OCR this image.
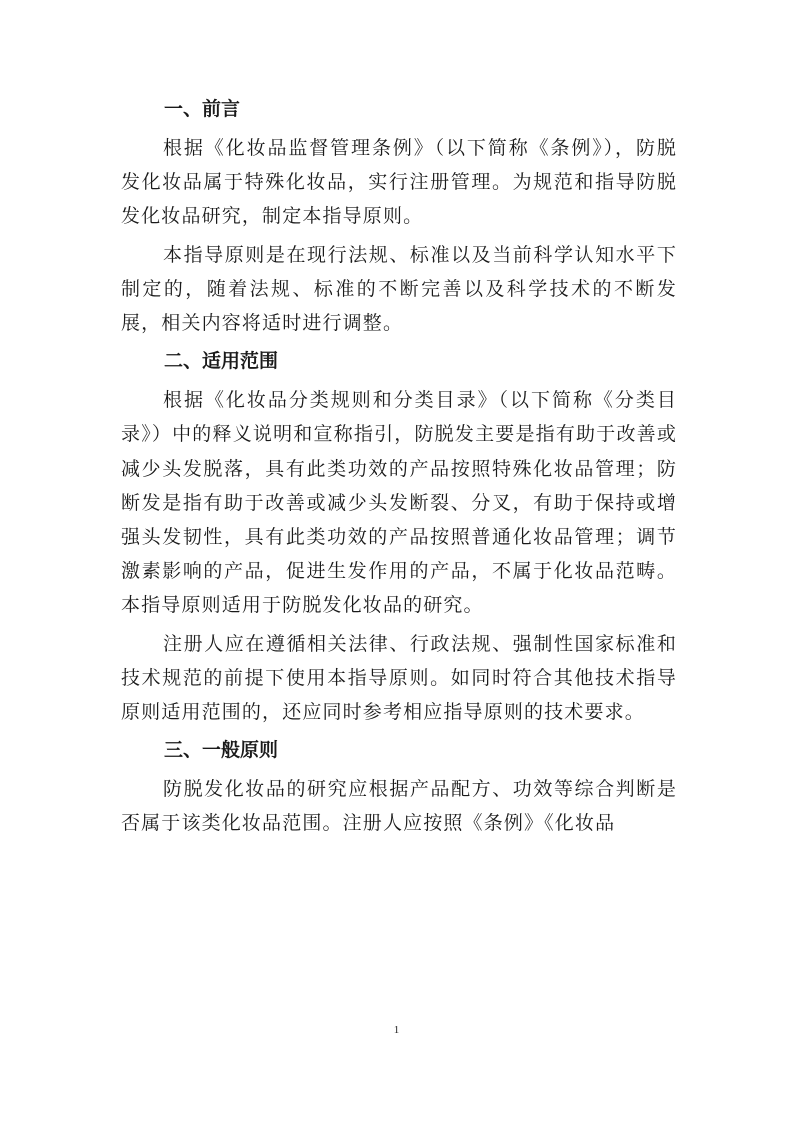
一、前言

根据《化妆品监督管理条例》（以下简称《条例》），防脱发化妆品属于特殊化妆品，实行注册管理。为规范和指导防脱发化妆品研究，制定本指导原则。

本指导原则是在现行法规、标准以及当前科学认知水平下制定的，随着法规、标准的不断完善以及科学技术的不断发展，相关内容将适时进行调整。

二、适用范围

根据《化妆品分类规则和分类目录》（以下简称《分类目录》）中的释义说明和宣称指引，防脱发主要是指有助于改善或减少头发脱落，具有此类功效的产品按照特殊化妆品管理；防断发是指有助于改善或减少头发断裂、分叉，有助于保持或增强头发韧性，具有此类功效的产品按照普通化妆品管理；调节激素影响的产品，促进生发作用的产品，不属于化妆品范畴。本指导原则适用于防脱发化妆品的研究。

注册人应在遵循相关法律、行政法规、强制性国家标准和技术规范的前提下使用本指导原则。如同时符合其他技术指导原则适用范围的，还应同时参考相应指导原则的技术要求。

三、一般原则

防脱发化妆品的研究应根据产品配方、功效等综合判断是否属于该类化妆品范围。注册人应按照《条例》《化妆品

1
